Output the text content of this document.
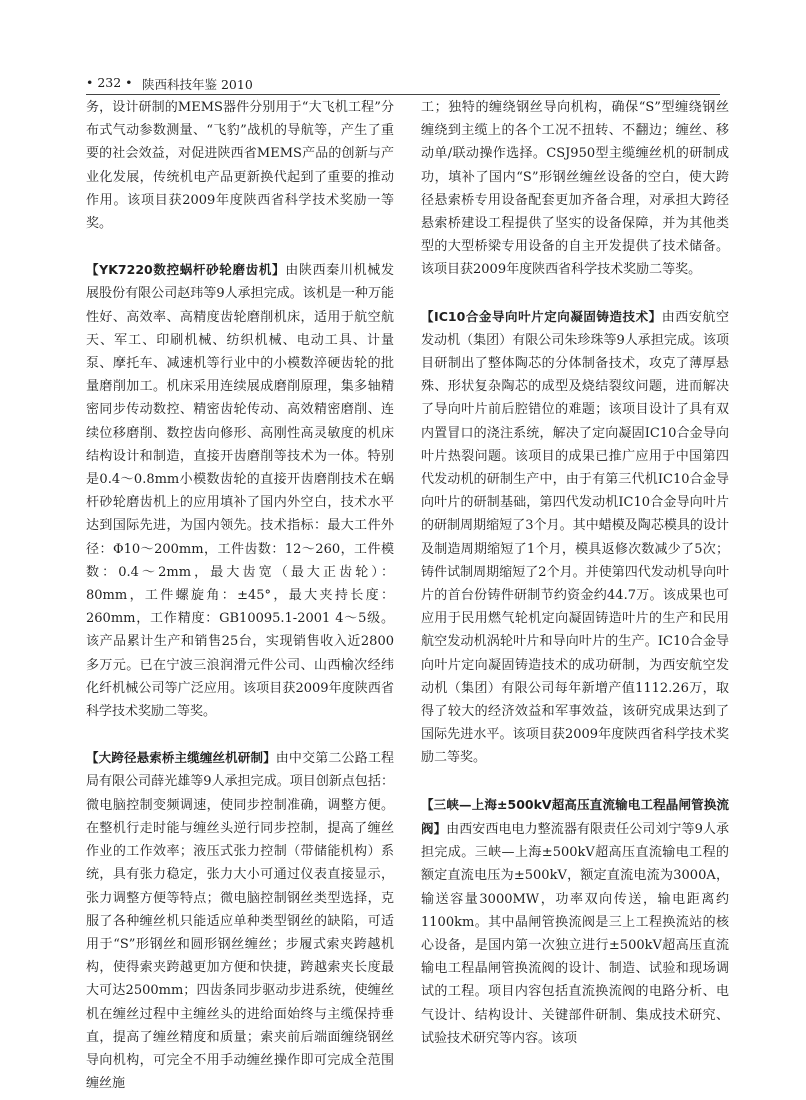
• 232 • 陕西科技年鉴 2010

务，设计研制的MEMS器件分别用于“大飞机工程”分布式气动参数测量、“飞豹”战机的导航等，产生了重要的社会效益，对促进陕西省MEMS产品的创新与产业化发展，传统机电产品更新换代起到了重要的推动作用。该项目获2009年度陕西省科学技术奖励一等奖。

【YK7220数控蜗杆砂轮磨齿机】由陕西秦川机械发展股份有限公司赵玮等9人承担完成。该机是一种万能性好、高效率、高精度齿轮磨削机床，适用于航空航天、军工、印刷机械、纺织机械、电动工具、计量泵、摩托车、减速机等行业中的小模数淬硬齿轮的批量磨削加工。机床采用连续展成磨削原理，集多轴精密同步传动数控、精密齿轮传动、高效精密磨削、连续位移磨削、数控齿向修形、高刚性高灵敏度的机床结构设计和制造，直接开齿磨削等技术为一体。特别是0.4～0.8mm小模数齿轮的直接开齿磨削技术在蜗杆砂轮磨齿机上的应用填补了国内外空白，技术水平达到国际先进，为国内领先。技术指标：最大工件外径：Φ10～200mm，工件齿数：12～260，工件模数：0.4～2mm，最大齿宽（最大正齿轮）：80mm，工件螺旋角：±45°，最大夹持长度：260mm，工作精度：GB10095.1-2001 4～5级。该产品累计生产和销售25台，实现销售收入近2800多万元。已在宁波三浪润滑元件公司、山西榆次经纬化纤机械公司等广泛应用。该项目获2009年度陕西省科学技术奖励二等奖。

【大跨径悬索桥主缆缠丝机研制】由中交第二公路工程局有限公司薛光雄等9人承担完成。项目创新点包括：微电脑控制变频调速，使同步控制准确，调整方便。在整机行走时能与缠丝头逆行同步控制，提高了缠丝作业的工作效率；液压式张力控制（带储能机构）系统，具有张力稳定，张力大小可通过仪表直接显示，张力调整方便等特点；微电脑控制钢丝类型选择，克服了各种缠丝机只能适应单种类型钢丝的缺陷，可适用于“S”形钢丝和圆形钢丝缠丝；步履式索夹跨越机构，使得索夹跨越更加方便和快捷，跨越索夹长度最大可达2500mm；四齿条同步驱动步进系统，使缠丝机在缠丝过程中主缠丝头的进给面始终与主缆保持垂直，提高了缠丝精度和质量；索夹前后端面缠绕钢丝导向机构，可完全不用手动缠丝操作即可完成全范围缠丝施

工；独特的缠绕钢丝导向机构，确保“S”型缠绕钢丝缠绕到主缆上的各个工况不扭转、不翻边；缠丝、移动单/联动操作选择。CSJ950型主缆缠丝机的研制成功，填补了国内“S”形钢丝缠丝设备的空白，使大跨径悬索桥专用设备配套更加齐备合理，对承担大跨径悬索桥建设工程提供了坚实的设备保障，并为其他类型的大型桥梁专用设备的自主开发提供了技术储备。该项目获2009年度陕西省科学技术奖励二等奖。

【IC10合金导向叶片定向凝固铸造技术】由西安航空发动机（集团）有限公司朱珍珠等9人承担完成。该项目研制出了整体陶芯的分体制备技术，攻克了薄厚悬殊、形状复杂陶芯的成型及烧结裂纹问题，进而解决了导向叶片前后腔错位的难题；该项目设计了具有双内置冒口的浇注系统，解决了定向凝固IC10合金导向叶片热裂问题。该项目的成果已推广应用于中国第四代发动机的研制生产中，由于有第三代机IC10合金导向叶片的研制基础，第四代发动机IC10合金导向叶片的研制周期缩短了3个月。其中蜡模及陶芯模具的设计及制造周期缩短了1个月，模具返修次数减少了5次；铸件试制周期缩短了2个月。并使第四代发动机导向叶片的首台份铸件研制节约资金约44.7万。该成果也可应用于民用燃气轮机定向凝固铸造叶片的生产和民用航空发动机涡轮叶片和导向叶片的生产。IC10合金导向叶片定向凝固铸造技术的成功研制，为西安航空发动机（集团）有限公司每年新增产值1112.26万，取得了较大的经济效益和军事效益，该研究成果达到了国际先进水平。该项目获2009年度陕西省科学技术奖励二等奖。

【三峡—上海±500kV超高压直流输电工程晶闸管换流阀】由西安西电电力整流器有限责任公司刘宁等9人承担完成。三峡—上海±500kV超高压直流输电工程的额定直流电压为±500kV，额定直流电流为3000A，输送容量3000MW，功率双向传送，输电距离约1100km。其中晶闸管换流阀是三上工程换流站的核心设备，是国内第一次独立进行±500kV超高压直流输电工程晶闸管换流阀的设计、制造、试验和现场调试的工程。项目内容包括直流换流阀的电路分析、电气设计、结构设计、关键部件研制、集成技术研究、试验技术研究等内容。该项
